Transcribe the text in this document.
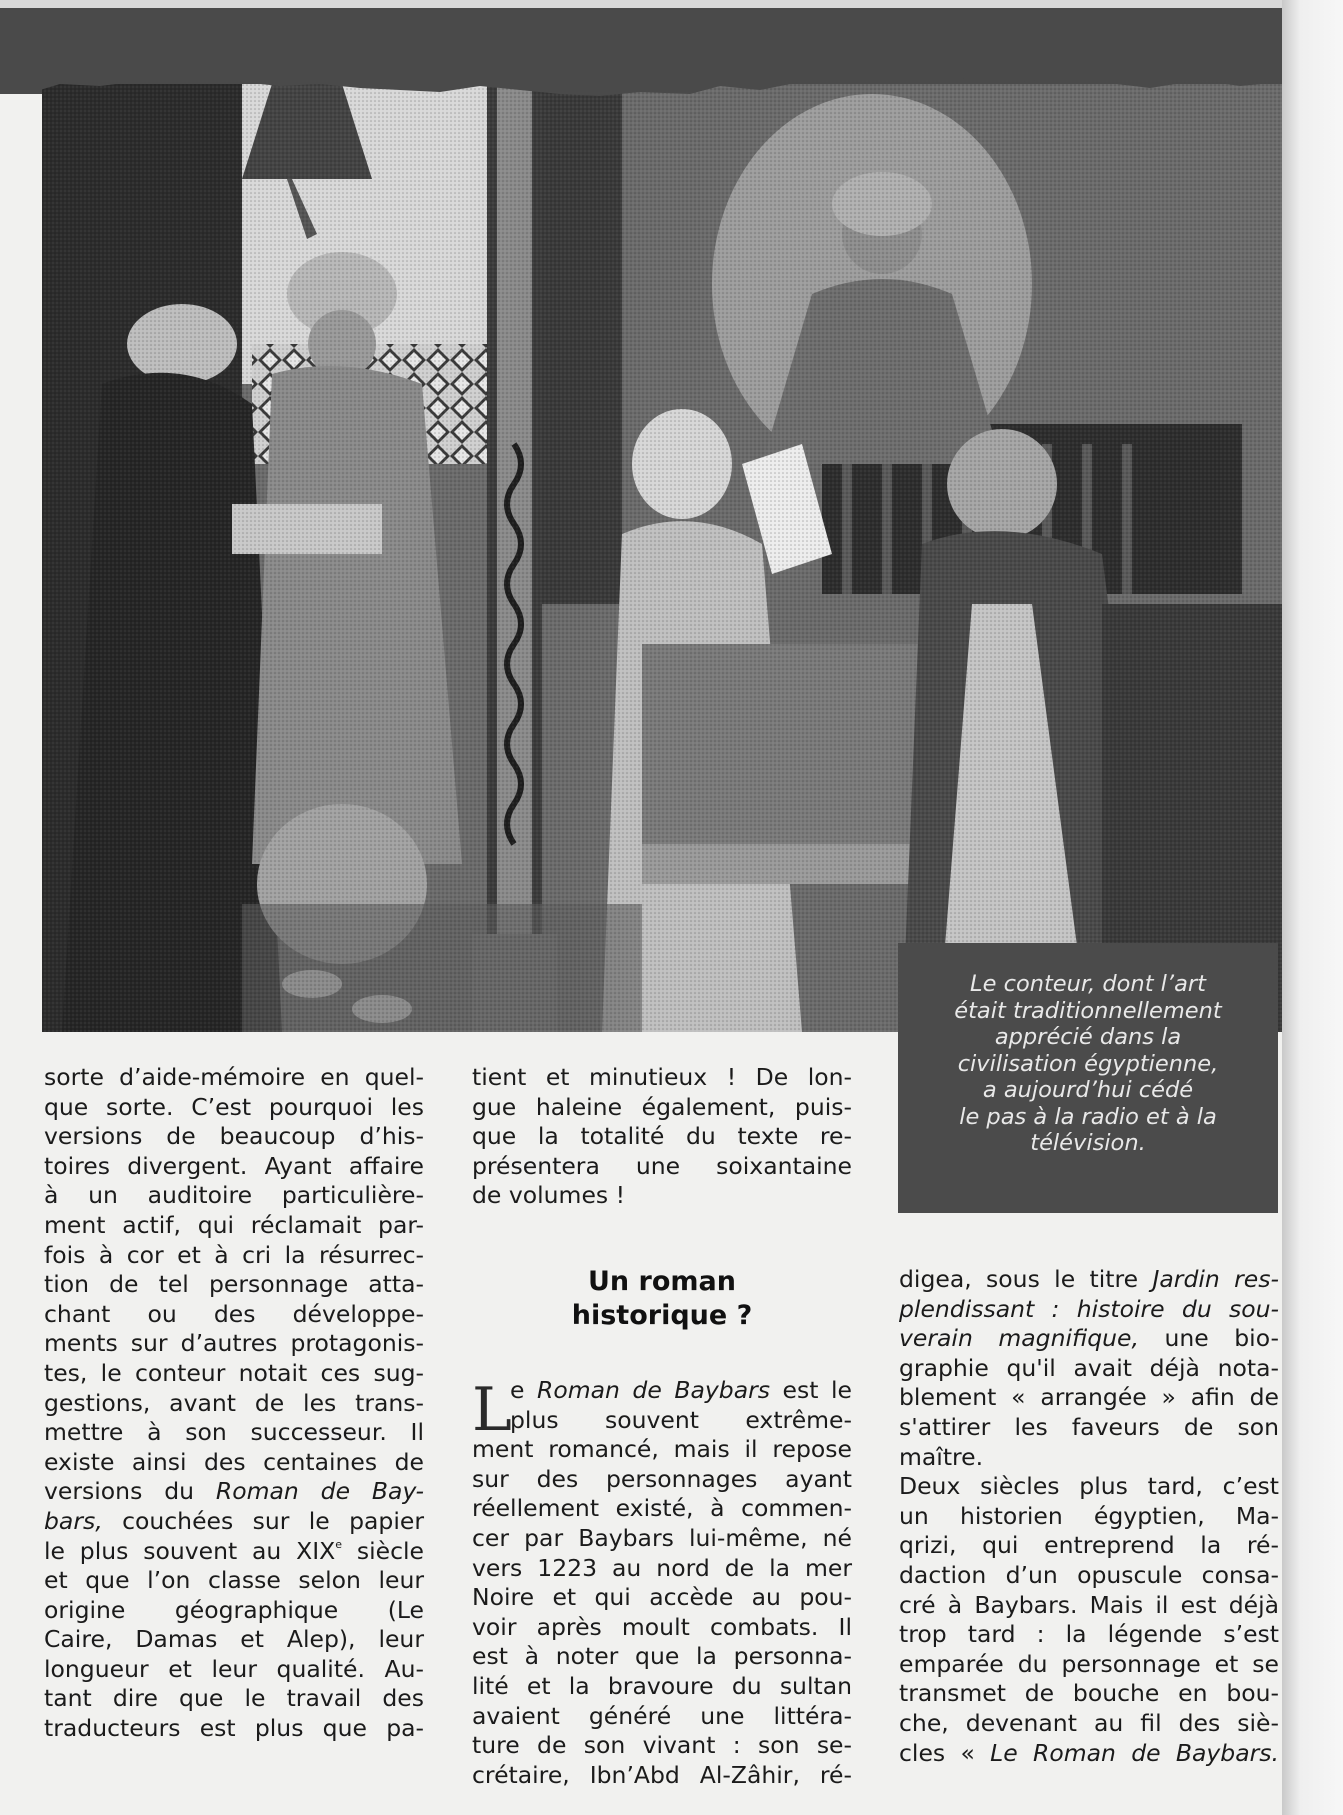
Le conteur, dont l’art
était traditionnellement
apprécié dans la
civilisation égyptienne,
a aujourd’hui cédé
le pas à la radio et à la
télévision.
sorte d’aide-mémoire en quel-
que sorte. C’est pourquoi les
versions de beaucoup d’his-
toires divergent. Ayant affaire
à un auditoire particulière-
ment actif, qui réclamait par-
fois à cor et à cri la résurrec-
tion de tel personnage atta-
chant ou des développe-
ments sur d’autres protagonis-
tes, le conteur notait ces sug-
gestions, avant de les trans-
mettre à son successeur. Il
existe ainsi des centaines de
versions du Roman de Bay-
bars, couchées sur le papier
le plus souvent au XIXe siècle
et que l’on classe selon leur
origine géographique (Le
Caire, Damas et Alep), leur
longueur et leur qualité. Au-
tant dire que le travail des
traducteurs est plus que pa-
tient et minutieux ! De lon-
gue haleine également, puis-
que la totalité du texte re-
présentera une soixantaine
de volumes !
Un roman
historique ?
L
e Roman de Baybars est le
plus souvent extrême-
ment romancé, mais il repose
sur des personnages ayant
réellement existé, à commen-
cer par Baybars lui-même, né
vers 1223 au nord de la mer
Noire et qui accède au pou-
voir après moult combats. Il
est à noter que la personna-
lité et la bravoure du sultan
avaient généré une littéra-
ture de son vivant : son se-
crétaire, Ibn’Abd Al-Zâhir, ré-
digea, sous le titre Jardin res-
plendissant : histoire du sou-
verain magnifique, une bio-
graphie qu'il avait déjà nota-
blement « arrangée » afin de
s'attirer les faveurs de son
maître.
Deux siècles plus tard, c’est
un historien égyptien, Ma-
qrizi, qui entreprend la ré-
daction d’un opuscule consa-
cré à Baybars. Mais il est déjà
trop tard : la légende s’est
emparée du personnage et se
transmet de bouche en bou-
che, devenant au fil des siè-
cles « Le Roman de Baybars.
